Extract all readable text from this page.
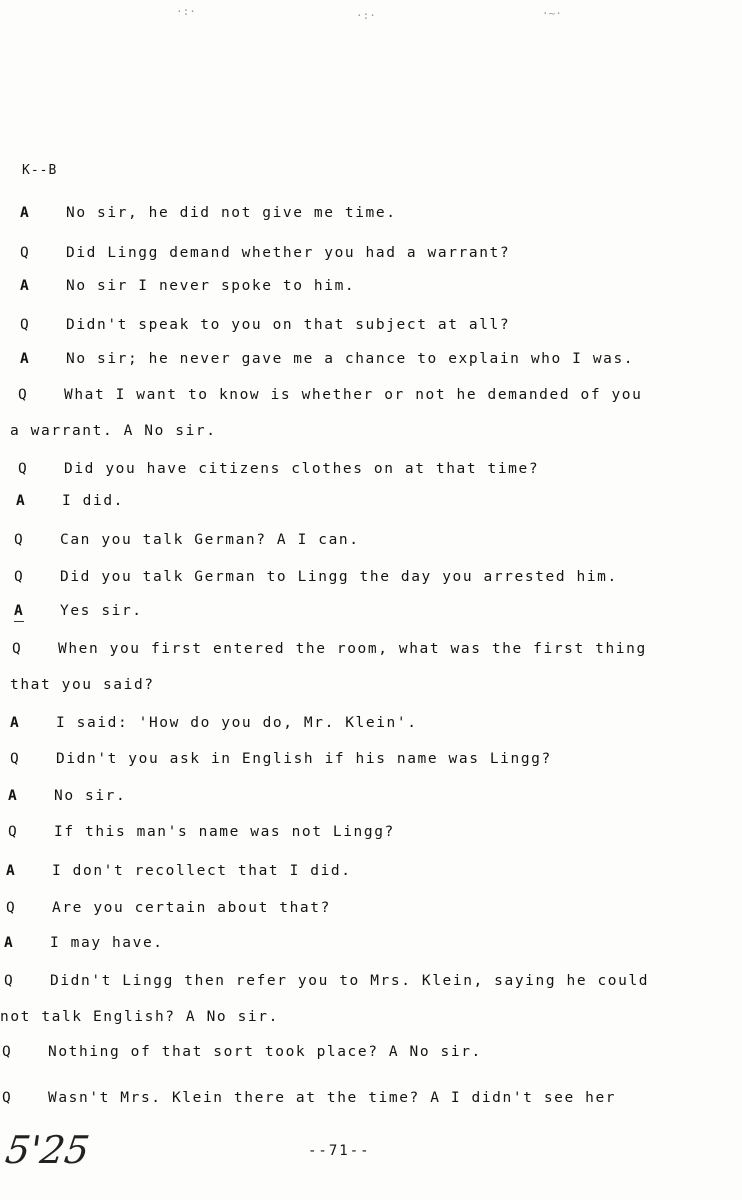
·:·	·:·	·~·
K--B
A No sir, he did not give me time.
Q Did Lingg demand whether you had a warrant?
A No sir I never spoke to him.
Q Didn't speak to you on that subject at all?
A No sir; he never gave me a chance to explain who I was.
Q What I want to know is whether or not he demanded of you
a warrant. A No sir.
Q Did you have citizens clothes on at that time?
A I did.
Q Can you talk German? A I can.
Q Did you talk German to Lingg the day you arrested him.
A Yes sir.
Q When you first entered the room, what was the first thing
that you said?
A I said: 'How do you do, Mr. Klein'.
Q Didn't you ask in English if his name was Lingg?
A No sir.
Q If this man's name was not Lingg?
A I don't recollect that I did.
Q Are you certain about that?
A I may have.
Q Didn't Lingg then refer you to Mrs. Klein, saying he could
not talk English? A No sir.
Q Nothing of that sort took place? A No sir.
Q Wasn't Mrs. Klein there at the time? A I didn't see her
5'25	--71--
